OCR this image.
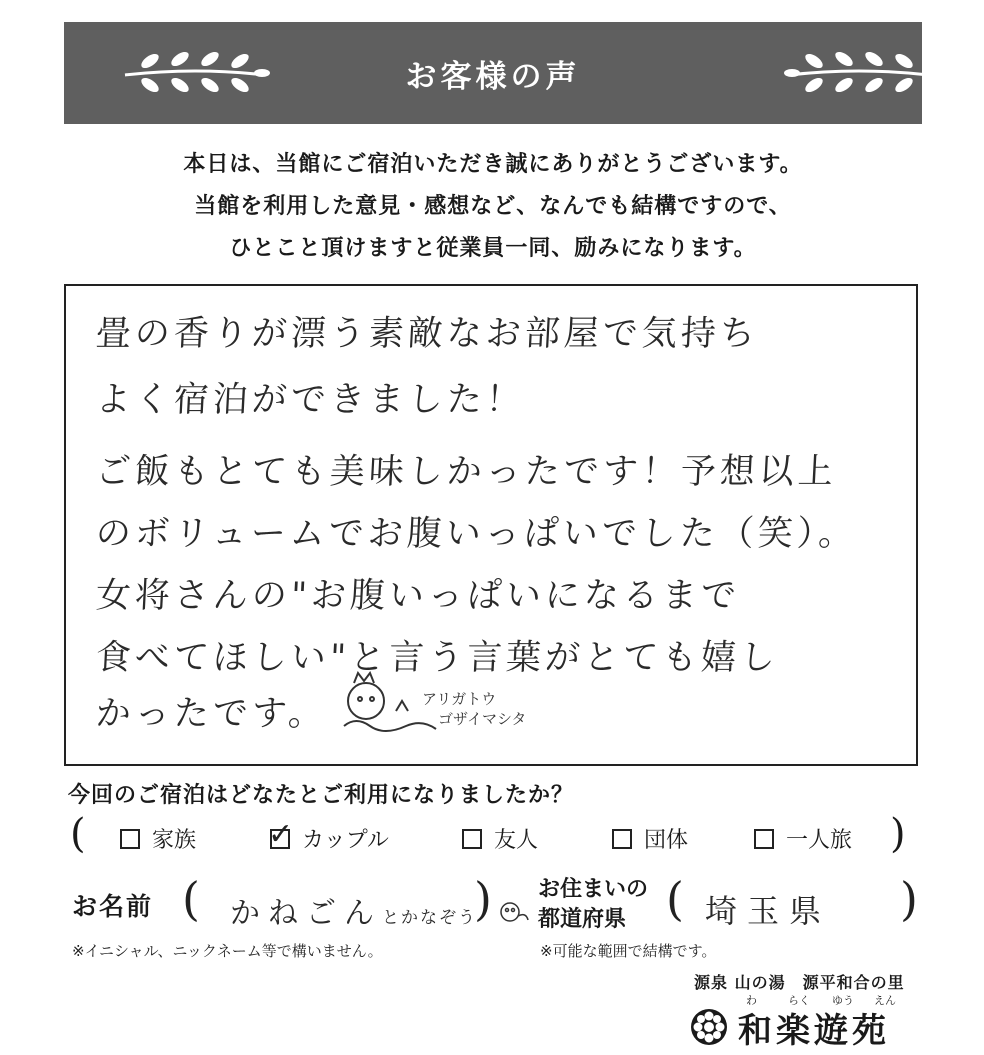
お客様の声
本日は、当館にご宿泊いただき誠にありがとうございます。
当館を利用した意見・感想など、なんでも結構ですので、
ひとこと頂けますと従業員一同、励みになります。
畳の香りが漂う素敵なお部屋で気持ち
よく宿泊ができました！
ご飯もとても美味しかったです！予想以上
のボリュームでお腹いっぱいでした（笑）。
女将さんの"お腹いっぱいになるまで
食べてほしい"と言う言葉がとても嬉し
かったです。	アリガトウ
ゴザイマシタ
今回のご宿泊はどなたとご利用になりましたか？
(	家族 ✓ カップル	友人	団体	一人旅 )
お名前 ( かねごんとかなぞう
)
※イニシャル、ニックネーム等で構いません。
お住まいの
都道府県 ( 埼玉県 )
※可能な範囲で結構です。
源泉 山の湯　源平和合の里
わ	らく ゆう えん
和楽遊苑
